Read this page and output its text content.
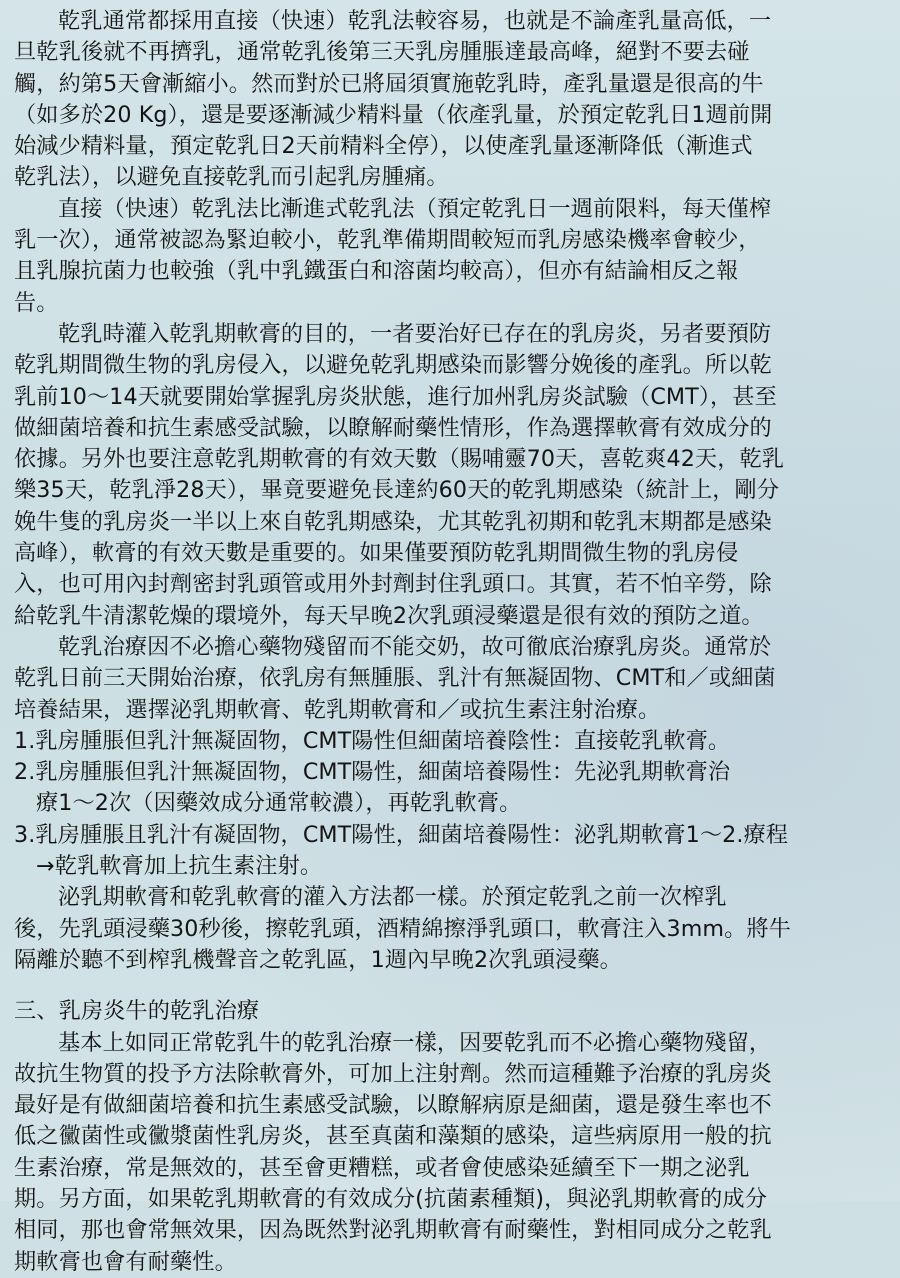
乾乳通常都採用直接（快速）乾乳法較容易，也就是不論產乳量高低，一
旦乾乳後就不再擠乳，通常乾乳後第三天乳房腫脹達最高峰，絕對不要去碰
觸，約第5天會漸縮小。然而對於已將屆須實施乾乳時，產乳量還是很高的牛
（如多於20 Kg），還是要逐漸減少精料量（依產乳量，於預定乾乳日1週前開
始減少精料量，預定乾乳日2天前精料全停），以使產乳量逐漸降低（漸進式
乾乳法），以避免直接乾乳而引起乳房腫痛。
直接（快速）乾乳法比漸進式乾乳法（預定乾乳日一週前限料，每天僅榨
乳一次），通常被認為緊迫較小，乾乳準備期間較短而乳房感染機率會較少，
且乳腺抗菌力也較強（乳中乳鐵蛋白和溶菌均較高），但亦有結論相反之報
告。
乾乳時灌入乾乳期軟膏的目的，一者要治好已存在的乳房炎，另者要預防
乾乳期間微生物的乳房侵入，以避免乾乳期感染而影響分娩後的產乳。所以乾
乳前10～14天就要開始掌握乳房炎狀態，進行加州乳房炎試驗（CMT），甚至
做細菌培養和抗生素感受試驗，以瞭解耐藥性情形，作為選擇軟膏有效成分的
依據。另外也要注意乾乳期軟膏的有效天數（賜哺靈70天，喜乾爽42天，乾乳
樂35天，乾乳淨28天），畢竟要避免長達約60天的乾乳期感染（統計上，剛分
娩牛隻的乳房炎一半以上來自乾乳期感染，尤其乾乳初期和乾乳末期都是感染
高峰），軟膏的有效天數是重要的。如果僅要預防乾乳期間微生物的乳房侵
入，也可用內封劑密封乳頭管或用外封劑封住乳頭口。其實，若不怕辛勞，除
給乾乳牛清潔乾燥的環境外，每天早晚2次乳頭浸藥還是很有效的預防之道。
乾乳治療因不必擔心藥物殘留而不能交奶，故可徹底治療乳房炎。通常於
乾乳日前三天開始治療，依乳房有無腫脹、乳汁有無凝固物、CMT和／或細菌
培養結果，選擇泌乳期軟膏、乾乳期軟膏和／或抗生素注射治療。
1.乳房腫脹但乳汁無凝固物，CMT陽性但細菌培養陰性：直接乾乳軟膏。
2.乳房腫脹但乳汁無凝固物，CMT陽性，細菌培養陽性：先泌乳期軟膏治
療1～2次（因藥效成分通常較濃），再乾乳軟膏。
3.乳房腫脹且乳汁有凝固物，CMT陽性，細菌培養陽性：泌乳期軟膏1～2.療程
→乾乳軟膏加上抗生素注射。
泌乳期軟膏和乾乳軟膏的灌入方法都一樣。於預定乾乳之前一次榨乳
後，先乳頭浸藥30秒後，擦乾乳頭，酒精綿擦淨乳頭口，軟膏注入3mm。將牛
隔離於聽不到榨乳機聲音之乾乳區，1週內早晚2次乳頭浸藥。
三、乳房炎牛的乾乳治療
基本上如同正常乾乳牛的乾乳治療一樣，因要乾乳而不必擔心藥物殘留，
故抗生物質的投予方法除軟膏外，可加上注射劑。然而這種難予治療的乳房炎
最好是有做細菌培養和抗生素感受試驗，以瞭解病原是細菌，還是發生率也不
低之黴菌性或黴漿菌性乳房炎，甚至真菌和藻類的感染，這些病原用一般的抗
生素治療，常是無效的，甚至會更糟糕，或者會使感染延續至下一期之泌乳
期。另方面，如果乾乳期軟膏的有效成分(抗菌素種類)，與泌乳期軟膏的成分
相同，那也會常無效果，因為既然對泌乳期軟膏有耐藥性，對相同成分之乾乳
期軟膏也會有耐藥性。
